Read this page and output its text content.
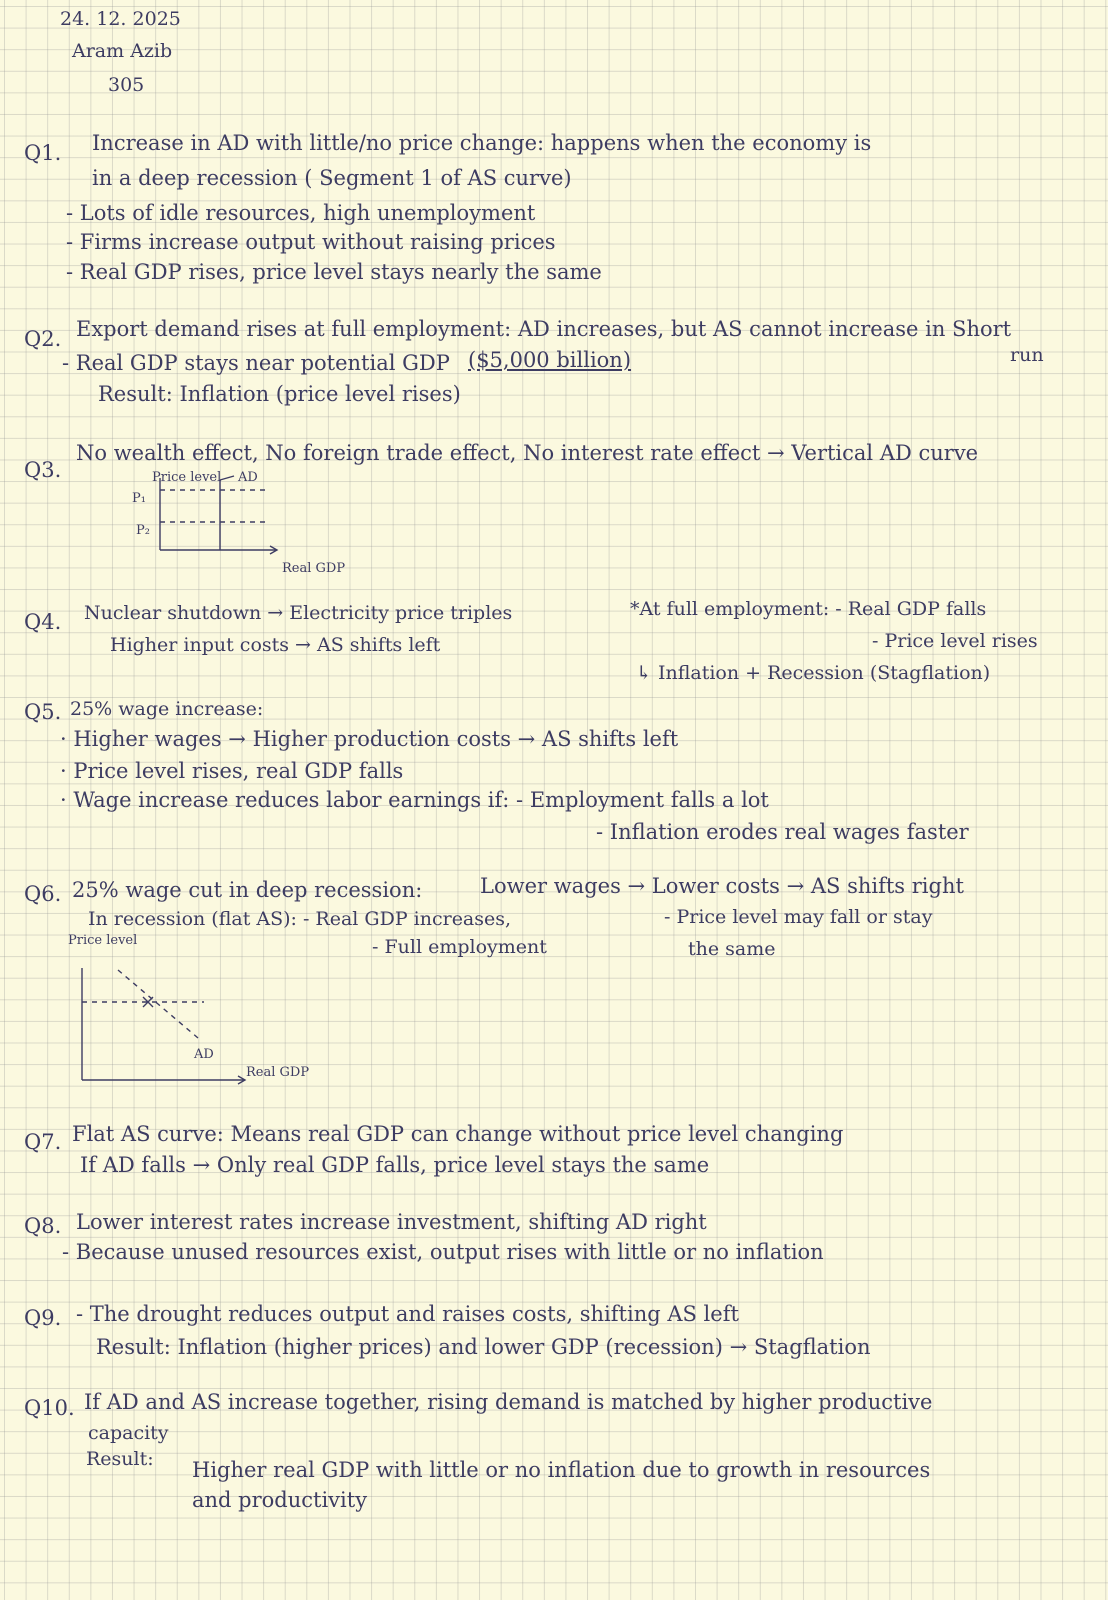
24. 12. 2025
Aram Azib
305
Q1. Increase in AD with little/no price change: happens when the economy is
in a deep recession ( Segment 1 of AS curve)
- Lots of idle resources, high unemployment
- Firms increase output without raising prices
- Real GDP rises, price level stays nearly the same
Q2. Export demand rises at full employment: AD increases, but AS cannot increase in Short
run
- Real GDP stays near potential GDP ($5,000 billion)
Result: Inflation (price level rises)
Q3.
No wealth effect, No foreign trade effect, No interest rate effect → Vertical AD curve
Price level AD
P₁
P₂
Real GDP
Q4. Nuclear shutdown → Electricity price triples
Higher input costs → AS shifts left
*At full employment: - Real GDP falls
- Price level rises
↳ Inflation + Recession (Stagflation)
Q5. 25% wage increase:
· Higher wages → Higher production costs → AS shifts left
· Price level rises, real GDP falls
· Wage increase reduces labor earnings if: - Employment falls a lot
- Inflation erodes real wages faster
Q6. 25% wage cut in deep recession:	Lower wages → Lower costs → AS shifts right
In recession (flat AS): - Real GDP increases,	- Price level may fall or stay
- Full employment	the same
Price level
AD
Real GDP
Q7. Flat AS curve: Means real GDP can change without price level changing
If AD falls → Only real GDP falls, price level stays the same
Q8. Lower interest rates increase investment, shifting AD right
- Because unused resources exist, output rises with little or no inflation
Q9. - The drought reduces output and raises costs, shifting AS left
Result: Inflation (higher prices) and lower GDP (recession) → Stagflation
Q10. If AD and AS increase together, rising demand is matched by higher productive
capacity
Result: Higher real GDP with little or no inflation due to growth in resources
and productivity
